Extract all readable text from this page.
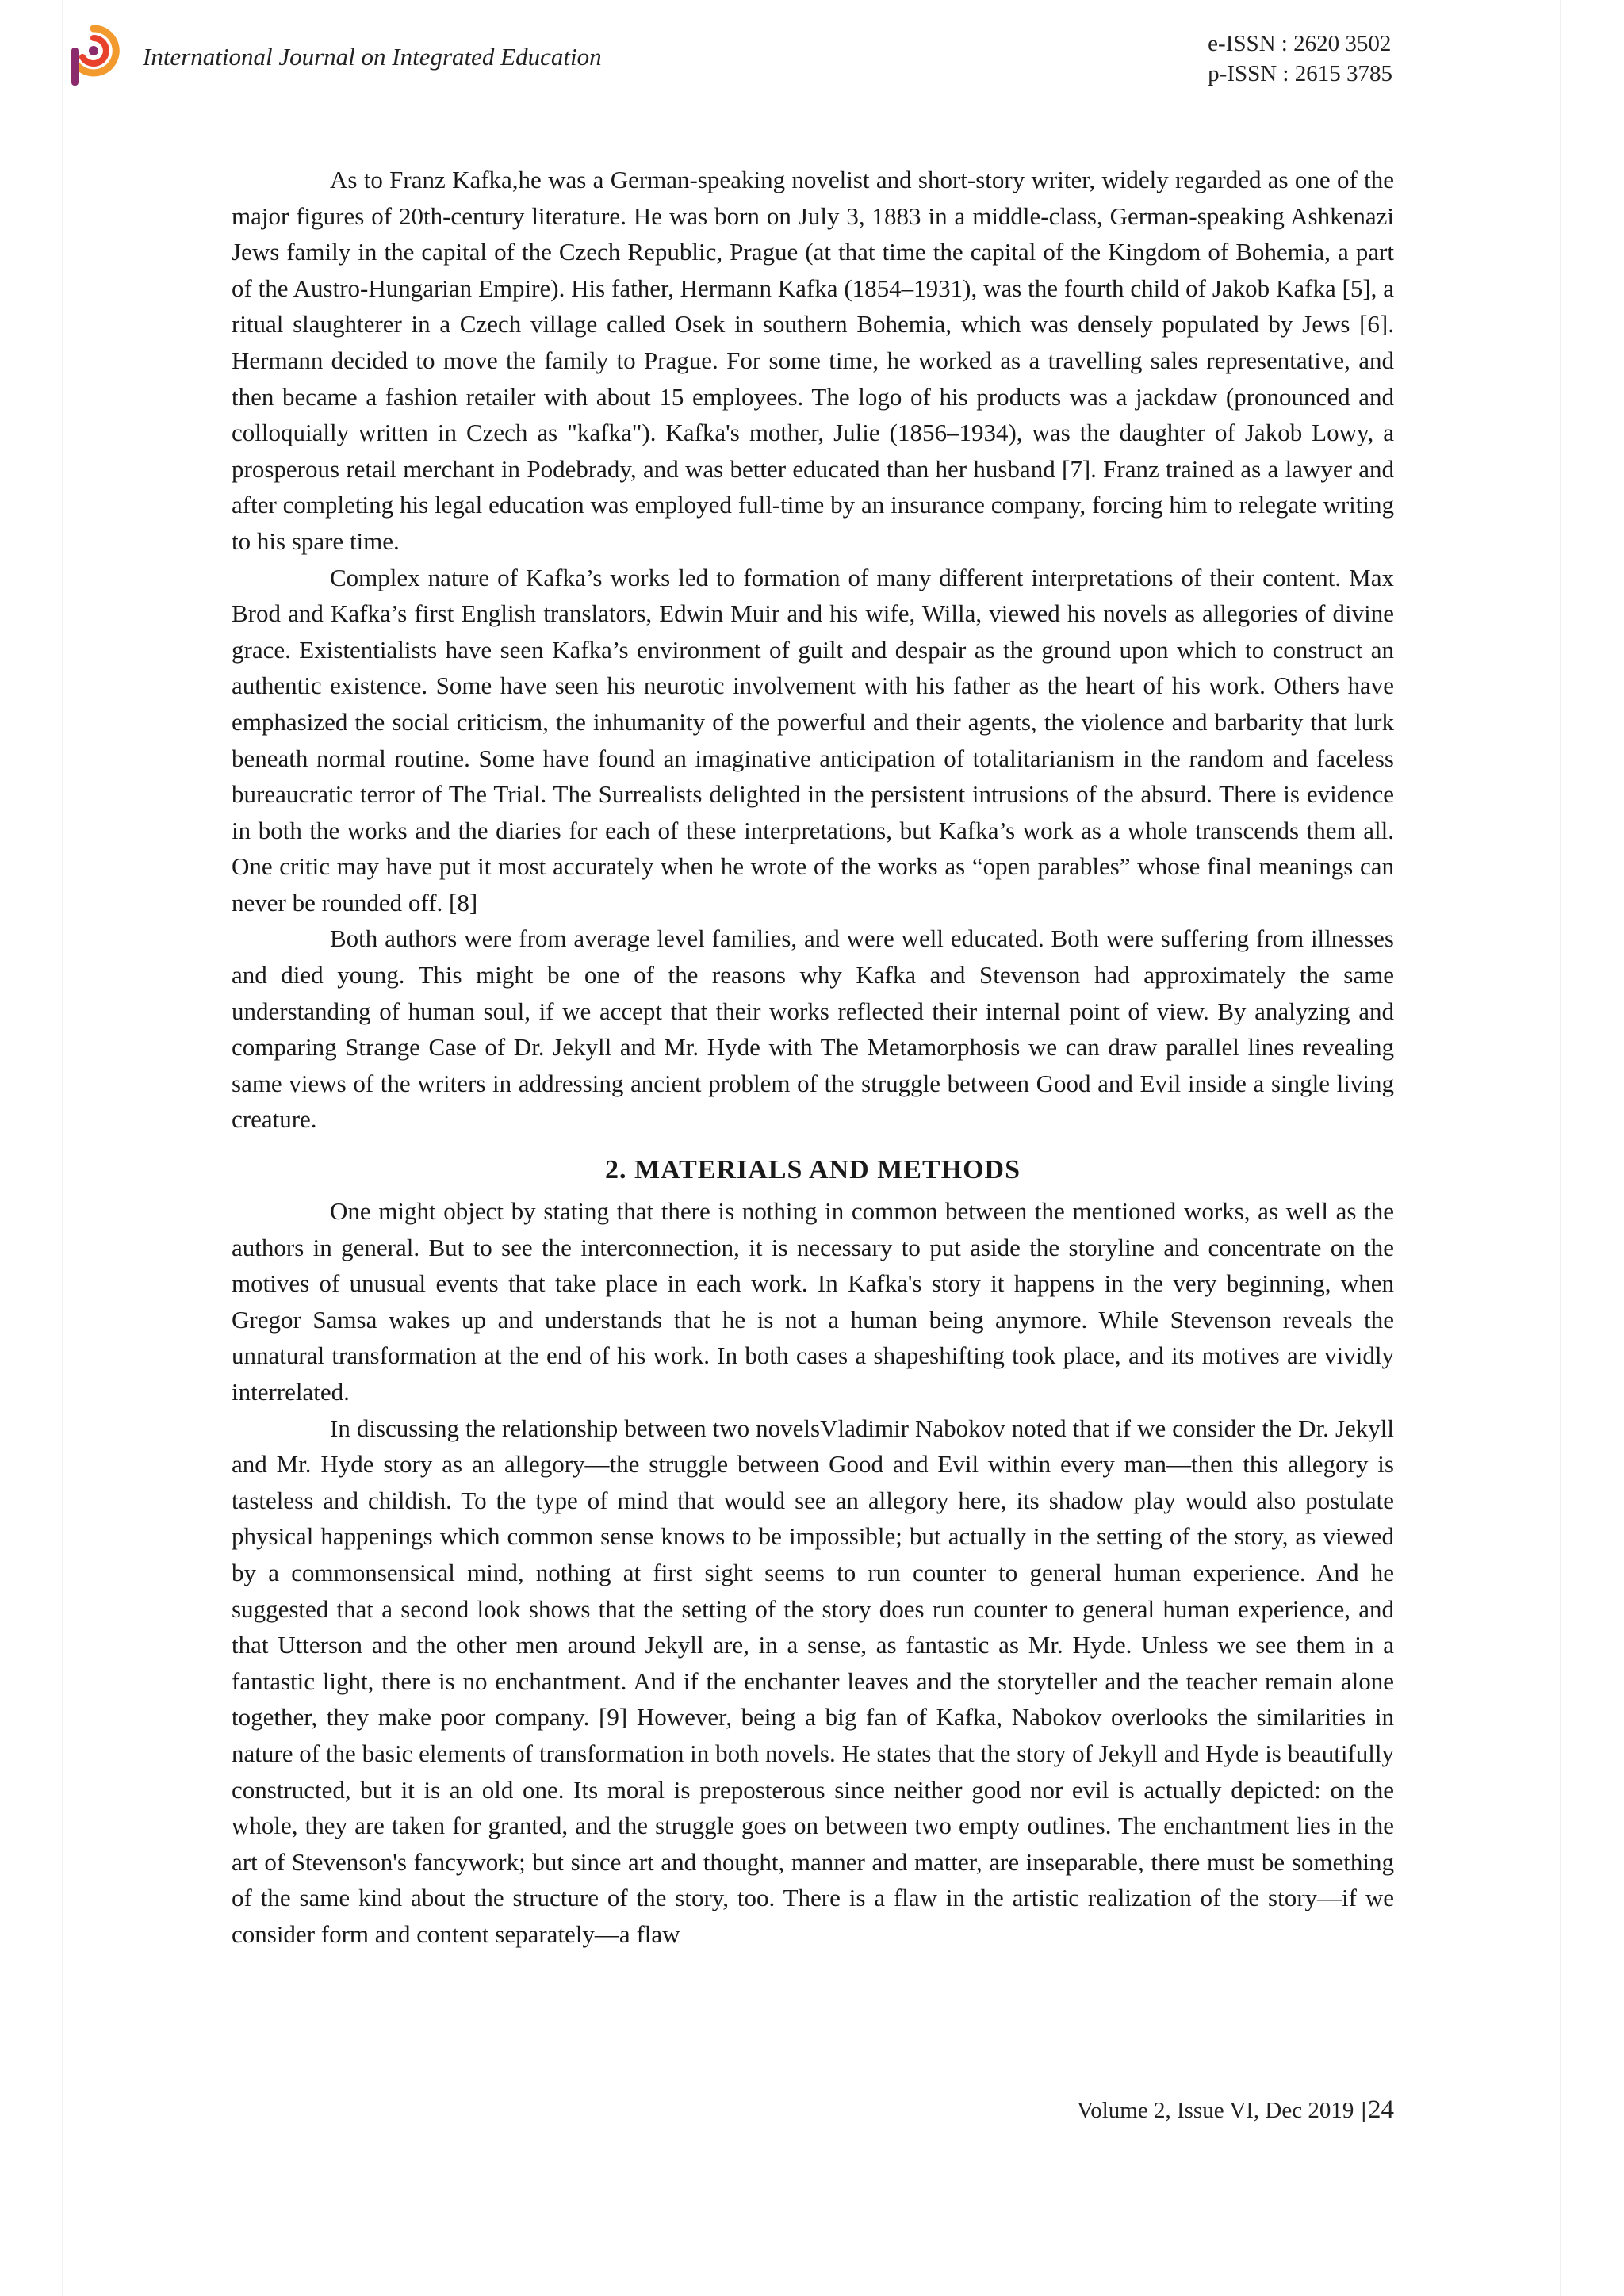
International Journal on Integrated Education	e-ISSN : 2620 3502
p-ISSN : 2615 3785

As to Franz Kafka,he was a German-speaking novelist and short-story writer, widely regarded as one of the major figures of 20th-century literature. He was born on July 3, 1883 in a middle-class, German-speaking Ashkenazi Jews family in the capital of the Czech Republic, Prague (at that time the capital of the Kingdom of Bohemia, a part of the Austro-Hungarian Empire). His father, Hermann Kafka (1854–1931), was the fourth child of Jakob Kafka [5], a ritual slaughterer in a Czech village called Osek in southern Bohemia, which was densely populated by Jews [6]. Hermann decided to move the family to Prague. For some time, he worked as a travelling sales representative, and then became a fashion retailer with about 15 employees. The logo of his products was a jackdaw (pronounced and colloquially written in Czech as "kafka"). Kafka's mother, Julie (1856–1934), was the daughter of Jakob Lowy, a prosperous retail merchant in Podebrady, and was better educated than her husband [7]. Franz trained as a lawyer and after completing his legal education was employed full-time by an insurance company, forcing him to relegate writing to his spare time.

Complex nature of Kafka’s works led to formation of many different interpretations of their content. Max Brod and Kafka’s first English translators, Edwin Muir and his wife, Willa, viewed his novels as allegories of divine grace. Existentialists have seen Kafka’s environment of guilt and despair as the ground upon which to construct an authentic existence. Some have seen his neurotic involvement with his father as the heart of his work. Others have emphasized the social criticism, the inhumanity of the powerful and their agents, the violence and barbarity that lurk beneath normal routine. Some have found an imaginative anticipation of totalitarianism in the random and faceless bureaucratic terror of The Trial. The Surrealists delighted in the persistent intrusions of the absurd. There is evidence in both the works and the diaries for each of these interpretations, but Kafka’s work as a whole transcends them all. One critic may have put it most accurately when he wrote of the works as “open parables” whose final meanings can never be rounded off. [8]

Both authors were from average level families, and were well educated. Both were suffering from illnesses and died young. This might be one of the reasons why Kafka and Stevenson had approximately the same understanding of human soul, if we accept that their works reflected their internal point of view. By analyzing and comparing Strange Case of Dr. Jekyll and Mr. Hyde with The Metamorphosis we can draw parallel lines revealing same views of the writers in addressing ancient problem of the struggle between Good and Evil inside a single living creature.

2. MATERIALS AND METHODS

One might object by stating that there is nothing in common between the mentioned works, as well as the authors in general. But to see the interconnection, it is necessary to put aside the storyline and concentrate on the motives of unusual events that take place in each work. In Kafka's story it happens in the very beginning, when Gregor Samsa wakes up and understands that he is not a human being anymore. While Stevenson reveals the unnatural transformation at the end of his work. In both cases a shapeshifting took place, and its motives are vividly interrelated.

In discussing the relationship between two novelsVladimir Nabokov noted that if we consider the Dr. Jekyll and Mr. Hyde story as an allegory—the struggle between Good and Evil within every man—then this allegory is tasteless and childish. To the type of mind that would see an allegory here, its shadow play would also postulate physical happenings which common sense knows to be impossible; but actually in the setting of the story, as viewed by a commonsensical mind, nothing at first sight seems to run counter to general human experience. And he suggested that a second look shows that the setting of the story does run counter to general human experience, and that Utterson and the other men around Jekyll are, in a sense, as fantastic as Mr. Hyde. Unless we see them in a fantastic light, there is no enchantment. And if the enchanter leaves and the storyteller and the teacher remain alone together, they make poor company. [9] However, being a big fan of Kafka, Nabokov overlooks the similarities in nature of the basic elements of transformation in both novels. He states that the story of Jekyll and Hyde is beautifully constructed, but it is an old one. Its moral is preposterous since neither good nor evil is actually depicted: on the whole, they are taken for granted, and the struggle goes on between two empty outlines. The enchantment lies in the art of Stevenson's fancywork; but since art and thought, manner and matter, are inseparable, there must be something of the same kind about the structure of the story, too. There is a flaw in the artistic realization of the story—if we consider form and content separately—a flaw

Volume 2, Issue VI, Dec 2019 |24
